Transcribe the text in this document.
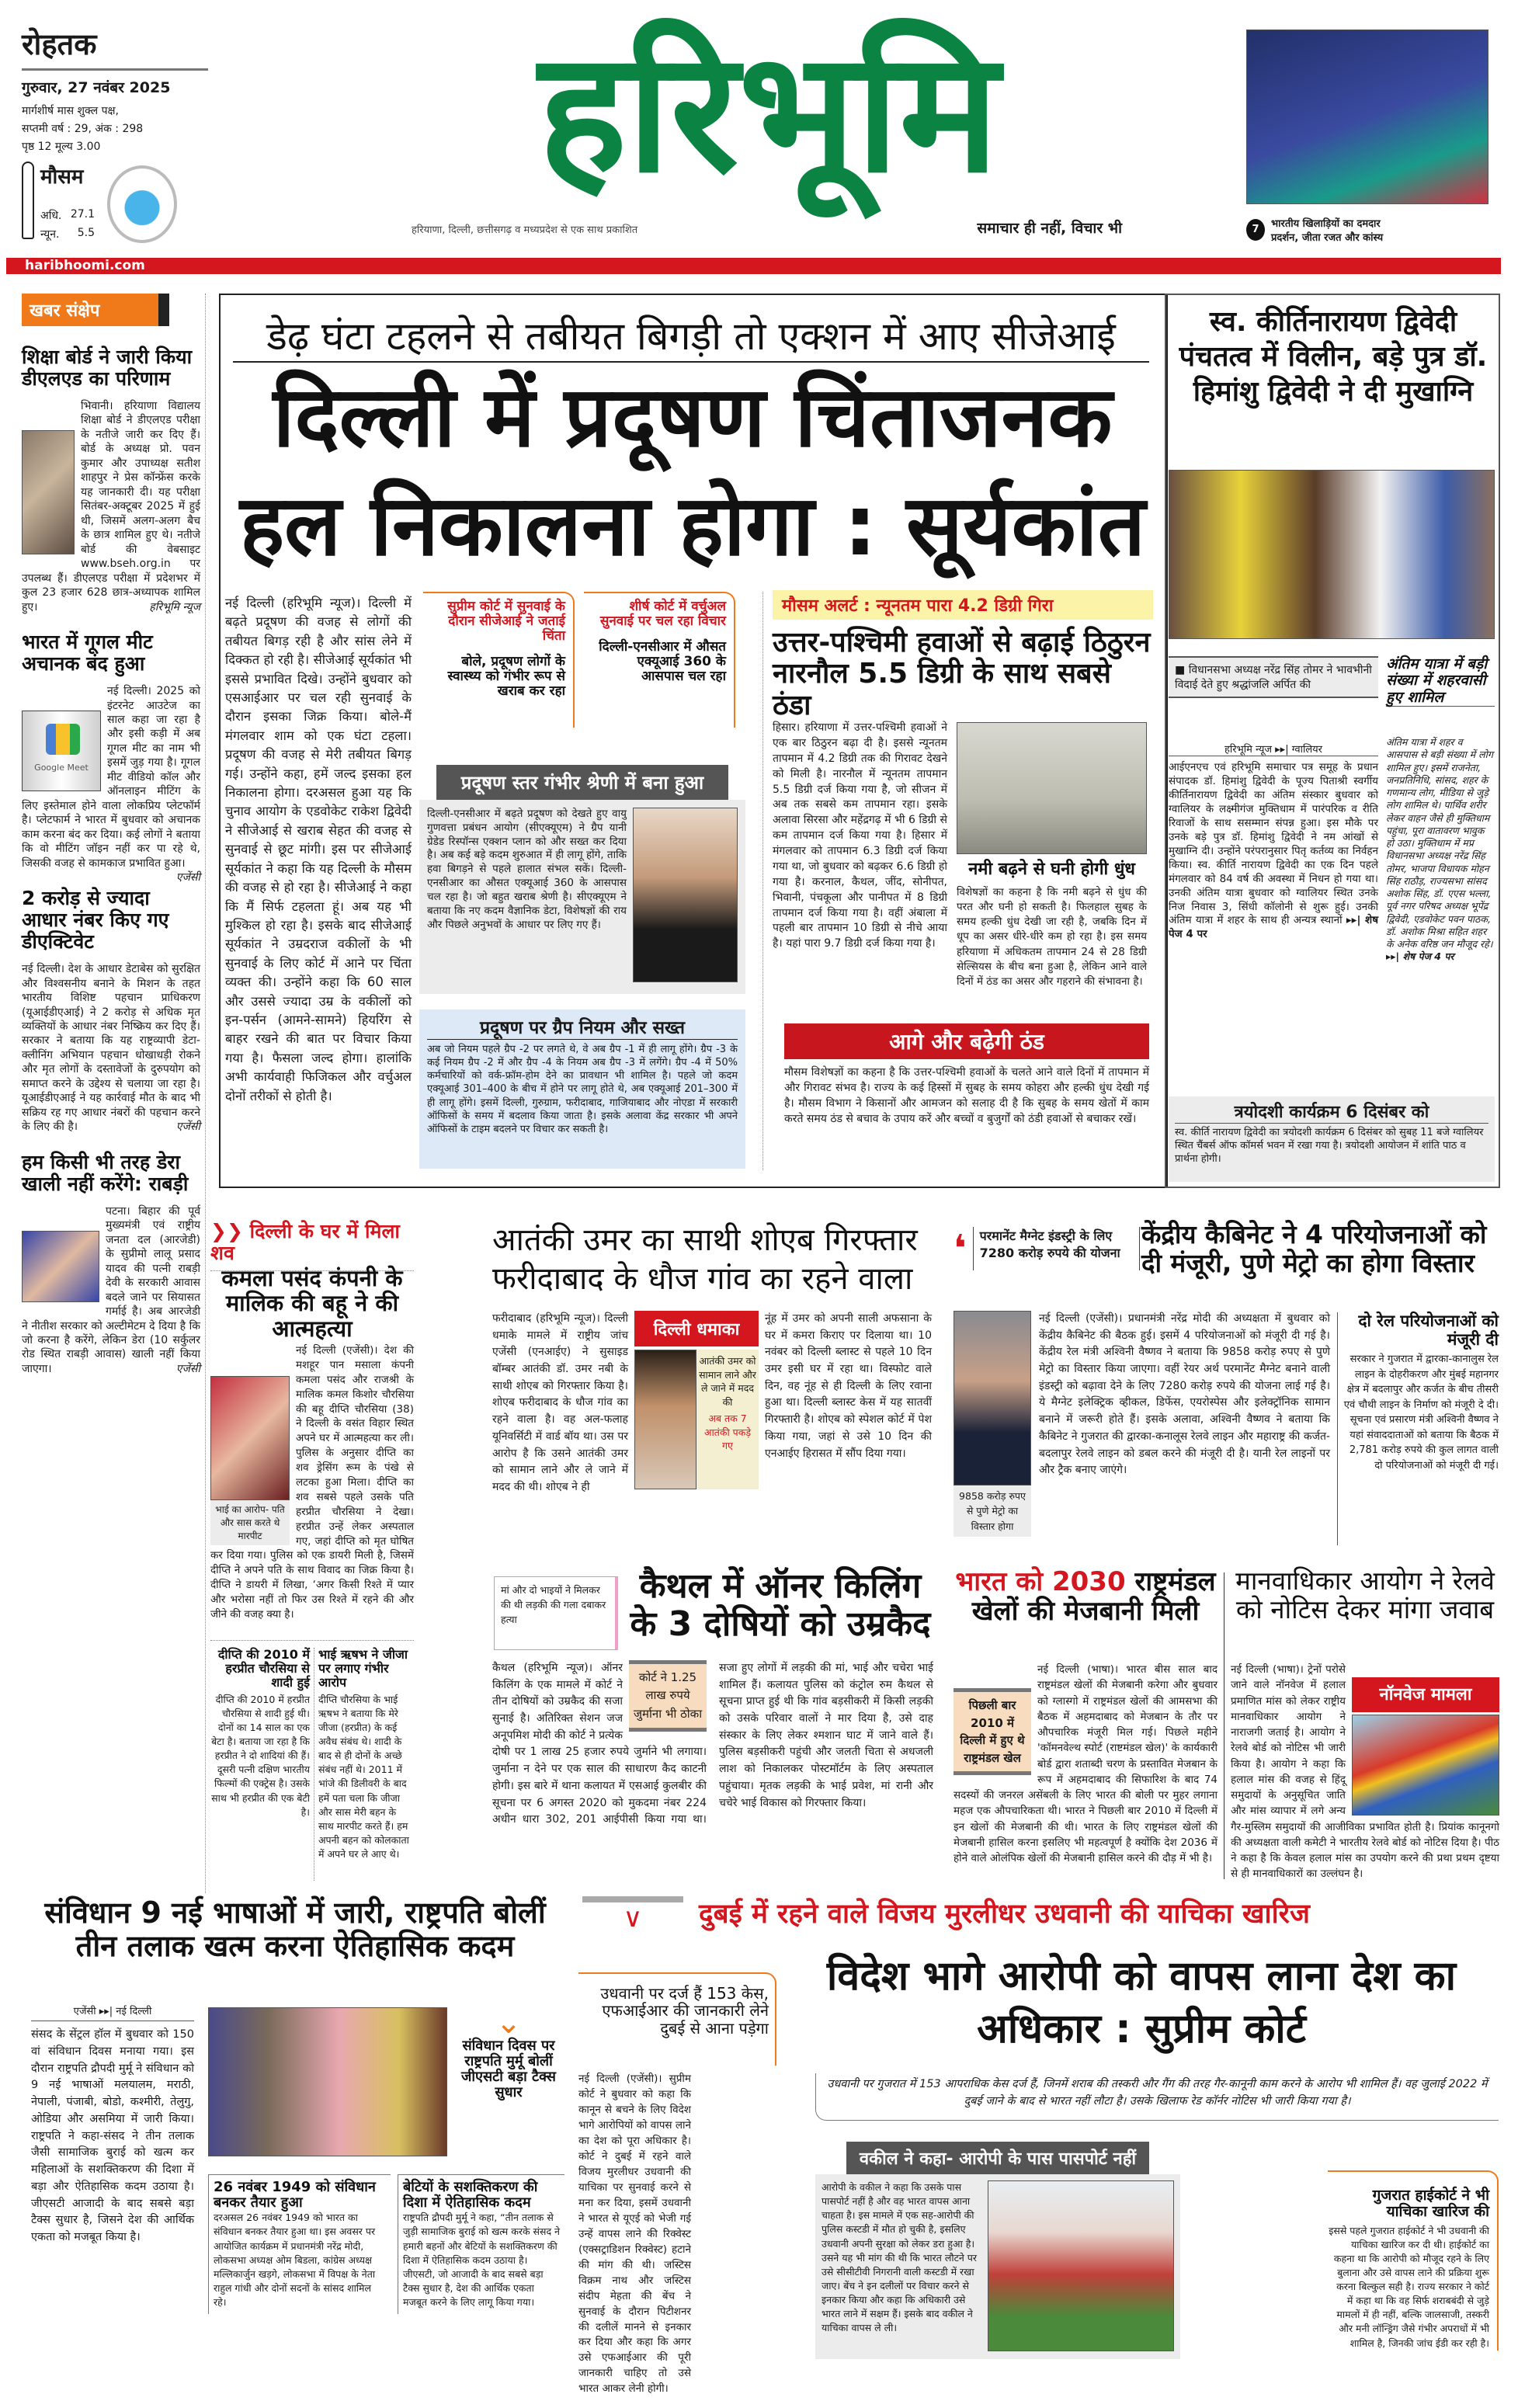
रोहतक
गुरुवार, 27 नवंबर 2025
मार्गशीर्ष मास शुक्ल पक्ष,
सप्तमी वर्ष : 29, अंक : 298
पृष्ठ 12 मूल्य 3.00
मौसम
अधि. 27.1
न्यून. 5.5
हरिभूमि
हरियाणा, दिल्ली, छत्तीसगढ़ व मध्यप्रदेश से एक साथ प्रकाशित	समाचार ही नहीं, विचार भी	7	भारतीय खिलाड़ियों का दमदार
प्रदर्शन, जीता रजत और कांस्य
haribhoomi.com
खबर संक्षेप
शिक्षा बोर्ड ने जारी किया डीएलएड का परिणाम
भिवानी। हरियाणा विद्यालय शिक्षा बोर्ड ने डीएलएड परीक्षा के नतीजे जारी कर दिए हैं। बोर्ड के अध्यक्ष प्रो. पवन कुमार और उपाध्यक्ष सतीश शाहपुर ने प्रेस कॉन्फ्रेंस करके यह जानकारी दी। यह परीक्षा सितंबर-अक्टूबर 2025 में हुई थी, जिसमें अलग-अलग बैच के छात्र शामिल हुए थे। नतीजे बोर्ड की वेबसाइट www.bseh.org.in पर उपलब्ध हैं। डीएलएड परीक्षा में प्रदेशभर में कुल 23 हजार 628 छात्र-अध्यापक शामिल हुए।	हरिभूमि न्यूज
भारत में गूगल मीट अचानक बंद हुआ
Google Meet
नई दिल्ली। 2025 को इंटरनेट आउटेज का साल कहा जा रहा है और इसी कड़ी में अब गूगल मीट का नाम भी इसमें जुड़ गया है। गूगल मीट वीडियो कॉल और ऑनलाइन मीटिंग के लिए इस्तेमाल होने वाला लोकप्रिय प्लेटफॉर्म है। प्लेटफार्म ने भारत में बुधवार को अचानक काम करना बंद कर दिया। कई लोगों ने बताया कि वो मीटिंग जॉइन नहीं कर पा रहे थे, जिसकी वजह से कामकाज प्रभावित हुआ।
एजेंसी
2 करोड़ से ज्यादा आधार नंबर किए गए डीएक्टिवेट
नई दिल्ली। देश के आधार डेटाबेस को सुरक्षित और विश्वसनीय बनाने के मिशन के तहत भारतीय विशिष्ट पहचान प्राधिकरण (यूआईडीएआई) ने 2 करोड़ से अधिक मृत व्यक्तियों के आधार नंबर निष्क्रिय कर दिए हैं। सरकार ने बताया कि यह राष्ट्रव्यापी डेटा-क्लीनिंग अभियान पहचान धोखाधड़ी रोकने और मृत लोगों के दस्तावेजों के दुरुपयोग को समाप्त करने के उद्देश्य से चलाया जा रहा है। यूआईडीएआई ने यह कार्रवाई मौत के बाद भी सक्रिय रह गए आधार नंबरों की पहचान करने के लिए की है।	एजेंसी
हम किसी भी तरह डेरा खाली नहीं करेंगे: राबड़ी
पटना। बिहार की पूर्व मुख्यमंत्री एवं राष्ट्रीय जनता दल (आरजेडी) के सुप्रीमो लालू प्रसाद यादव की पत्नी राबड़ी देवी के सरकारी आवास बदले जाने पर सियासत गर्माई है। अब आरजेडी ने नीतीश सरकार को अल्टीमेटम दे दिया है कि जो करना है करेंगे, लेकिन डेरा (10 सर्कुलर रोड स्थित राबड़ी आवास) खाली नहीं किया जाएगा।	एजेंसी
डेढ़ घंटा टहलने से तबीयत बिगड़ी तो एक्शन में आए सीजेआई
दिल्ली में प्रदूषण चिंताजनक
हल निकालना होगा : सूर्यकांत
नई दिल्ली (हरिभूमि न्यूज)। दिल्ली में बढ़ते प्रदूषण की वजह से लोगों की तबीयत बिगड़ रही है और सांस लेने में दिक्कत हो रही है। सीजेआई सूर्यकांत भी इससे प्रभावित दिखे। उन्होंने बुधवार को एसआईआर पर चल रही सुनवाई के दौरान इसका जिक्र किया। बोले-मैं मंगलवार शाम को एक घंटा टहला। प्रदूषण की वजह से मेरी तबीयत बिगड़ गई। उन्होंने कहा, हमें जल्द इसका हल निकालना होगा। दरअसल हुआ यह कि चुनाव आयोग के एडवोकेट राकेश द्विवेदी ने सीजेआई से खराब सेहत की वजह से सुनवाई से छूट मांगी। इस पर सीजेआई सूर्यकांत ने कहा कि यह दिल्ली के मौसम की वजह से हो रहा है। सीजेआई ने कहा कि मैं सिर्फ टहलता हूं। अब यह भी मुश्किल हो रहा है। इसके बाद सीजेआई सूर्यकांत ने उम्रदराज वकीलों के भी सुनवाई के लिए कोर्ट में आने पर चिंता व्यक्त की। उन्होंने कहा कि 60 साल और उससे ज्यादा उम्र के वकीलों को इन-पर्सन (आमने-सामने) हियरिंग से बाहर रखने की बात पर विचार किया गया है। फैसला जल्द होगा। हालांकि अभी कार्यवाही फिजिकल और वर्चुअल दोनों तरीकों से होती है।
सुप्रीम कोर्ट में सुनवाई के दौरान सीजेआई ने जताई चिंता
बोले, प्रदूषण लोगों के स्वास्थ्य को गंभीर रूप से खराब कर रहा
शीर्ष कोर्ट में वर्चुअल सुनवाई पर चल रहा विचार
दिल्ली-एनसीआर में औसत एक्यूआई 360 के आसपास चल रहा
प्रदूषण स्तर गंभीर श्रेणी में बना हुआ
दिल्ली-एनसीआर में बढ़ते प्रदूषण को देखते हुए वायु गुणवत्ता प्रबंधन आयोग (सीएक्यूएम) ने ग्रैप यानी ग्रेडेड रिस्पॉन्स एक्शन प्लान को और सख्त कर दिया है। अब कई बड़े कदम शुरुआत में ही लागू होंगे, ताकि हवा बिगड़ने से पहले हालात संभल सकें। दिल्ली-एनसीआर का औसत एक्यूआई 360 के आसपास चल रहा है। जो बहुत खराब श्रेणी है। सीएक्यूएम ने बताया कि नए कदम वैज्ञानिक डेटा, विशेषज्ञों की राय और पिछले अनुभवों के आधार पर लिए गए हैं।
प्रदूषण पर ग्रैप नियम और सख्त
अब जो नियम पहले ग्रैप -2 पर लगते थे, वे अब ग्रैप -1 में ही लागू होंगे। ग्रैप -3 के कई नियम ग्रैप -2 में और ग्रैप -4 के नियम अब ग्रैप -3 में लगेंगे। ग्रैप -4 में 50% कर्मचारियों को वर्क-फ्रॉम-होम देने का प्रावधान भी शामिल है। पहले जो कदम एक्यूआई 301–400 के बीच में होने पर लागू होते थे, अब एक्यूआई 201–300 में ही लागू होंगे। इसमें दिल्ली, गुरुग्राम, फरीदाबाद, गाजियाबाद और नोएडा में सरकारी ऑफिसों के समय में बदलाव किया जाता है। इसके अलावा केंद्र सरकार भी अपने ऑफिसों के टाइम बदलने पर विचार कर सकती है।
मौसम अलर्ट : न्यूनतम पारा 4.2 डिग्री गिरा
उत्तर-पश्चिमी हवाओं से बढ़ाई ठिठुरन नारनौल 5.5 डिग्री के साथ सबसे ठंडा
हिसार। हरियाणा में उत्तर-पश्चिमी हवाओं ने एक बार ठिठुरन बढ़ा दी है। इससे न्यूनतम तापमान में 4.2 डिग्री तक की गिरावट देखने को मिली है। नारनौल में न्यूनतम तापमान 5.5 डिग्री दर्ज किया गया है, जो सीजन में अब तक सबसे कम तापमान रहा। इसके अलावा सिरसा और महेंद्रगढ़ में भी 6 डिग्री से कम तापमान दर्ज किया गया है। हिसार में मंगलवार को तापमान 6.3 डिग्री दर्ज किया गया था, जो बुधवार को बढ़कर 6.6 डिग्री हो गया है। करनाल, कैथल, जींद, सोनीपत, भिवानी, पंचकूला और पानीपत में 8 डिग्री तापमान दर्ज किया गया है। वहीं अंबाला में पहली बार तापमान 10 डिग्री से नीचे आया है। यहां पारा 9.7 डिग्री दर्ज किया गया है।
नमी बढ़ने से घनी होगी धुंध
विशेषज्ञों का कहना है कि नमी बढ़ने से धुंध की परत और घनी हो सकती है। फिलहाल सुबह के समय हल्की धुंध देखी जा रही है, जबकि दिन में धूप का असर धीरे-धीरे कम हो रहा है। इस समय हरियाणा में अधिकतम तापमान 24 से 28 डिग्री सेल्सियस के बीच बना हुआ है, लेकिन आने वाले दिनों में ठंड का असर और गहराने की संभावना है।
आगे और बढ़ेगी ठंड
मौसम विशेषज्ञों का कहना है कि उत्तर-पश्चिमी हवाओं के चलते आने वाले दिनों में तापमान में और गिरावट संभव है। राज्य के कई हिस्सों में सुबह के समय कोहरा और हल्की धुंध देखी गई है। मौसम विभाग ने किसानों और आमजन को सलाह दी है कि सुबह के समय खेतों में काम करते समय ठंड से बचाव के उपाय करें और बच्चों व बुजुर्गों को ठंडी हवाओं से बचाकर रखें।
स्व. कीर्तिनारायण द्विवेदी पंचतत्व में विलीन, बड़े पुत्र डॉ. हिमांशु द्विवेदी ने दी मुखाग्नि
■ विधानसभा अध्यक्ष नरेंद्र सिंह तोमर ने भावभीनी विदाई देते हुए श्रद्धांजलि अर्पित की
हरिभूमि न्यूज ▸▸| ग्वालियर
आईएनएच एवं हरिभूमि समाचार पत्र समूह के प्रधान संपादक डॉ. हिमांशु द्विवेदी के पूज्य पिताश्री स्वर्गीय कीर्तिनारायण द्विवेदी का अंतिम संस्कार बुधवार को ग्वालियर के लक्ष्मीगंज मुक्तिधाम में पारंपरिक व रीति रिवाजों के साथ ससम्मान संपन्न हुआ। इस मौके पर उनके बड़े पुत्र डॉ. हिमांशु द्विवेदी ने नम आंखों से मुखाग्नि दी। उन्होंने परंपरानुसार पितृ कर्तव्य का निर्वहन किया। स्व. कीर्ति नारायण द्विवेदी का एक दिन पहले मंगलवार को 84 वर्ष की अवस्था में निधन हो गया था। उनकी अंतिम यात्रा बुधवार को ग्वालियर स्थित उनके निज निवास 3, सिंधी कॉलोनी से शुरू हुई। उनकी अंतिम यात्रा में शहर के साथ ही अन्यत्र स्थानों ▸▸| शेष पेज 4 पर
अंतिम यात्रा में बड़ी संख्या में शहरवासी हुए शामिल
अंतिम यात्रा में शहर व आसपास से बड़ी संख्या में लोग शामिल हुए। इसमें राजनेता, जनप्रतिनिधि, सांसद, शहर के गणमान्य लोग, मीडिया से जुड़े लोग शामिल थे। पार्थिव शरीर लेकर वाहन जैसे ही मुक्तिधाम पहुंचा, पूरा वातावरण भावुक हो उठा। मुक्तिधाम में मप्र विधानसभा अध्यक्ष नरेंद्र सिंह तोमर, भाजपा विधायक मोहन सिंह राठौड़, राज्यसभा सांसद अशोक सिंह, डॉ. एएस भल्ला, पूर्व नगर परिषद अध्यक्ष भूपेंद्र द्विवेदी, एडवोकेट पवन पाठक, डॉ. अशोक मिश्रा सहित शहर के अनेक वरिष्ठ जन मौजूद रहे। ▸▸| शेष पेज 4 पर
त्रयोदशी कार्यक्रम 6 दिसंबर को
स्व. कीर्ति नारायण द्विवेदी का त्रयोदशी कार्यक्रम 6 दिसंबर को सुबह 11 बजे ग्वालियर स्थित चैंबर्स ऑफ कॉमर्स भवन में रखा गया है। त्रयोदशी आयोजन में शांति पाठ व प्रार्थना होगी।
❯❯ दिल्ली के घर में मिला शव
कमला पसंद कंपनी के मालिक की बहू ने की आत्महत्या
भाई का आरोप- पति और सास करते थे मारपीट
नई दिल्ली (एजेंसी)। देश की मशहूर पान मसाला कंपनी कमला पसंद और राजश्री के मालिक कमल किशोर चौरसिया की बहू दीप्ति चौरसिया (38) ने दिल्ली के वसंत विहार स्थित अपने घर में आत्महत्या कर ली। पुलिस के अनुसार दीप्ति का शव ड्रेसिंग रूम के पंखे से लटका हुआ मिला। दीप्ति का शव सबसे पहले उसके पति हरप्रीत चौरसिया ने देखा। हरप्रीत उन्हें लेकर अस्पताल गए, जहां दीप्ति को मृत घोषित कर दिया गया। पुलिस को एक डायरी मिली है, जिसमें दीप्ति ने अपने पति के साथ विवाद का जिक्र किया है। दीप्ति ने डायरी में लिखा, ‘अगर किसी रिश्ते में प्यार और भरोसा नहीं तो फिर उस रिश्ते में रहने की और जीने की वजह क्या है।
दीप्ति की 2010 में हरप्रीत चौरसिया से शादी हुई
दीप्ति की 2010 में हरप्रीत चौरसिया से शादी हुई थी। दोनों का 14 साल का एक बेटा है। बताया जा रहा है कि हरप्रीत ने दो शादियां की हैं। दूसरी पत्नी दक्षिण भारतीय फिल्मों की एक्ट्रेस है। उसके साथ भी हरप्रीत की एक बेटी है।
भाई ऋषभ ने जीजा पर लगाए गंभीर आरोप
दीप्ति चौरसिया के भाई ऋषभ ने बताया कि मेरे जीजा (हरप्रीत) के कई अवैध संबंध थे। शादी के बाद से ही दोनों के अच्छे संबंध नहीं थे। 2011 में भांजे की डिलीवरी के बाद हमें पता चला कि जीजा और सास मेरी बहन के साथ मारपीट करते हैं। हम अपनी बहन को कोलकाता में अपने घर ले आए थे।
आतंकी उमर का साथी शोएब गिरफ्तार फरीदाबाद के धौज गांव का रहने वाला
फरीदाबाद (हरिभूमि न्यूज)। दिल्ली धमाके मामले में राष्ट्रीय जांच एजेंसी (एनआईए) ने सुसाइड बॉम्बर आतंकी डॉ. उमर नबी के साथी शोएब को गिरफ्तार किया है। शोएब फरीदाबाद के धौज गांव का रहने वाला है। वह अल-फलाह यूनिवर्सिटी में वार्ड बॉय था। उस पर आरोप है कि उसने आतंकी उमर को सामान लाने और ले जाने में मदद की थी। शोएब ने ही
दिल्ली धमाका
आतंकी उमर को सामान लाने और ले जाने में मदद की
अब तक 7 आतंकी पकड़े गए
नूंह में उमर को अपनी साली अफसाना के घर में कमरा किराए पर दिलाया था। 10 नवंबर को दिल्ली ब्लास्ट से पहले 10 दिन उमर इसी घर में रहा था। विस्फोट वाले दिन, वह नूंह से ही दिल्ली के लिए रवाना हुआ था। दिल्ली ब्लास्ट केस में यह सातवीं गिरफ्तारी है। शोएब को स्पेशल कोर्ट में पेश किया गया, जहां से उसे 10 दिन की एनआईए हिरासत में सौंप दिया गया।
❛	परमानेंट मैग्नेट इंडस्ट्री के लिए 7280 करोड़ रुपये की योजना
केंद्रीय कैबिनेट ने 4 परियोजनाओं को दी मंजूरी, पुणे मेट्रो का होगा विस्तार
9858 करोड़ रुपए से पुणे मेट्रो का विस्तार होगा
नई दिल्ली (एजेंसी)। प्रधानमंत्री नरेंद्र मोदी की अध्यक्षता में बुधवार को केंद्रीय कैबिनेट की बैठक हुई। इसमें 4 परियोजनाओं को मंजूरी दी गई है। केंद्रीय रेल मंत्री अश्विनी वैष्णव ने बताया कि 9858 करोड़ रुपए से पुणे मेट्रो का विस्तार किया जाएगा। वहीं रेयर अर्थ परमानेंट मैग्नेट बनाने वाली इंडस्ट्री को बढ़ावा देने के लिए 7280 करोड़ रुपये की योजना लाई गई है। ये मैग्नेट इलेक्ट्रिक व्हीकल, डिफेंस, एयरोस्पेस और इलेक्ट्रॉनिक सामान बनाने में जरूरी होते हैं। इसके अलावा, अश्विनी वैष्णव ने बताया कि कैबिनेट ने गुजरात की द्वारका-कनालूस रेलवे लाइन और महाराष्ट्र की कर्जत-बदलापुर रेलवे लाइन को डबल करने की मंजूरी दी है। यानी रेल लाइनों पर और ट्रैक बनाए जाएंगे।
दो रेल परियोजनाओं को मंजूरी दी
सरकार ने गुजरात में द्वारका-कानालुस रेल लाइन के दोहरीकरण और मुंबई महानगर क्षेत्र में बदलापुर और कर्जत के बीच तीसरी एवं चौथी लाइन के निर्माण को मंजूरी दे दी। सूचना एवं प्रसारण मंत्री अश्विनी वैष्णव ने यहां संवाददाताओं को बताया कि बैठक में 2,781 करोड़ रुपये की कुल लागत वाली दो परियोजनाओं को मंजूरी दी गई।
मां और दो भाइयों ने मिलकर की थी लड़की की गला दबाकर हत्या
कैथल में ऑनर किलिंग के 3 दोषियों को उम्रकैद
कोर्ट ने 1.25 लाख रुपये जुर्माना भी ठोका
कैथल (हरिभूमि न्यूज)। ऑनर किलिंग के एक मामले में कोर्ट ने तीन दोषियों को उम्रकैद की सजा सुनाई है। अतिरिक्त सेशन जज अनूपमिश मोदी की कोर्ट ने प्रत्येक दोषी पर 1 लाख 25 हजार रुपये जुर्माने भी लगाया। जुर्माना न देने पर एक साल की साधारण कैद काटनी होगी। इस बारे में थाना कलायत में एसआई कुलबीर की सूचना पर 6 अगस्त 2020 को मुकदमा नंबर 224 अधीन धारा 302, 201 आईपीसी किया गया था। सजा हुए लोगों में लड़की की मां, भाई और चचेरा भाई शामिल हैं। कलायत पुलिस को कंट्रोल रुम कैथल से सूचना प्राप्त हुई थी कि गांव बड़सीकरी में किसी लड़की को उसके परिवार वालों ने मार दिया है, उसे दाह संस्कार के लिए लेकर श्मशान घाट में जाने वाले हैं। पुलिस बड़सीकरी पहुंची और जलती चिता से अधजली लाश को निकालकर पोस्टमॉर्टम के लिए अस्पताल पहुंचाया। मृतक लड़की के भाई प्रवेश, मां रानी और चचेरे भाई विकास को गिरफ्तार किया।
भारत को 2030 राष्ट्रमंडल खेलों की मेजबानी मिली
पिछली बार 2010 में दिल्ली में हुए थे राष्ट्रमंडल खेल
नई दिल्ली (भाषा)। भारत बीस साल बाद राष्ट्रमंडल खेलों की मेजबानी करेगा और बुधवार को ग्लास्गो में राष्ट्रमंडल खेलों की आमसभा की बैठक में अहमदाबाद को मेजबान के तौर पर औपचारिक मंजूरी मिल गई। पिछले महीने 'कॉमनवेल्थ स्पोर्ट (राष्टमंडल खेल)' के कार्यकारी बोर्ड द्वारा शताब्दी चरण के प्रस्तावित मेजबान के रूप में अहमदाबाद की सिफारिश के बाद 74 सदस्यों की जनरल असेंबली के लिए भारत की बोली पर मुहर लगाना महज एक औपचारिकता थी। भारत ने पिछली बार 2010 में दिल्ली में इन खेलों की मेजबानी की थी। भारत के लिए राष्ट्रमंडल खेलों की मेजबानी हासिल करना इसलिए भी महत्वपूर्ण है क्योंकि देश 2036 में होने वाले ओलंपिक खेलों की मेजबानी हासिल करने की दौड़ में भी है।
मानवाधिकार आयोग ने रेलवे को नोटिस देकर मांगा जवाब
नॉनवेज मामला
नई दिल्ली (भाषा)। ट्रेनों परोसे जाने वाले नॉनवेज में हलाल प्रमाणित मांस को लेकर राष्ट्रीय मानवाधिकार आयोग ने नाराजगी जताई है। आयोग ने रेलवे बोर्ड को नोटिस भी जारी किया है। आयोग ने कहा कि हलाल मांस की वजह से हिंदू समुदायों के अनुसूचित जाति और मांस व्यापार में लगे अन्य गैर-मुस्लिम समुदायों की आजीविका प्रभावित होती है। प्रियांक कानूनगो की अध्यक्षता वाली कमेटी ने भारतीय रेलवे बोर्ड को नोटिस दिया है। पीठ ने कहा है कि केवल हलाल मांस का उपयोग करने की प्रथा प्रथम दृष्टया से ही मानवाधिकारों का उल्लंघन है।
संविधान 9 नई भाषाओं में जारी, राष्ट्रपति बोलीं तीन तलाक खत्म करना ऐतिहासिक कदम
एजेंसी ▸▸| नई दिल्ली
संसद के सेंट्रल हॉल में बुधवार को 150 वां संविधान दिवस मनाया गया। इस दौरान राष्ट्रपति द्रौपदी मुर्मू ने संविधान को 9 नई भाषाओं मलयालम, मराठी, नेपाली, पंजाबी, बोडो, कश्मीरी, तेलुगु, ओडिया और असमिया में जारी किया। राष्ट्रपति ने कहा-संसद ने तीन तलाक जैसी सामाजिक बुराई को खत्म कर महिलाओं के सशक्तिकरण की दिशा में बड़ा और ऐतिहासिक कदम उठाया है। जीएसटी आजादी के बाद सबसे बड़ा टैक्स सुधार है, जिसने देश की आर्थिक एकता को मजबूत किया है।
⌄
संविधान दिवस पर राष्ट्रपति मुर्मू बोलीं जीएसटी बड़ा टैक्स सुधार
26 नवंबर 1949 को संविधान बनकर तैयार हुआ
दरअसल 26 नवंबर 1949 को भारत का संविधान बनकर तैयार हुआ था। इस अवसर पर आयोजित कार्यक्रम में प्रधानमंत्री नरेंद्र मोदी, लोकसभा अध्यक्ष ओम बिडला, कांग्रेस अध्यक्ष मल्लिकार्जुन खड़गे, लोकसभा में विपक्ष के नेता राहुल गांधी और दोनों सदनों के सांसद शामिल रहे।
बेटियों के सशक्तिकरण की दिशा में ऐतिहासिक कदम
राष्ट्रपति द्रौपदी मुर्मू ने कहा, “तीन तलाक से जुड़ी सामाजिक बुराई को खत्म करके संसद ने हमारी बहनों और बेटियों के सशक्तिकरण की दिशा में ऐतिहासिक कदम उठाया है। जीएसटी, जो आजादी के बाद सबसे बड़ा टैक्स सुधार है, देश की आर्थिक एकता मजबूत करने के लिए लागू किया गया।
∨	दुबई में रहने वाले विजय मुरलीधर उधवानी की याचिका खारिज
उधवानी पर दर्ज हैं 153 केस, एफआईआर की जानकारी लेने दुबई से आना पड़ेगा
विदेश भागे आरोपी को वापस लाना देश का अधिकार : सुप्रीम कोर्ट
नई दिल्ली (एजेंसी)। सुप्रीम कोर्ट ने बुधवार को कहा कि कानून से बचने के लिए विदेश भागे आरोपियों को वापस लाने का देश को पूरा अधिकार है। कोर्ट ने दुबई में रहने वाले विजय मुरलीधर उधवानी की याचिका पर सुनवाई करने से मना कर दिया, इसमें उधवानी ने भारत से यूएई को भेजी गई उन्हें वापस लाने की रिक्वेस्ट (एक्सट्राडिशन रिक्वेस्ट) हटाने की मांग की थी। जस्टिस विक्रम नाथ और जस्टिस संदीप मेहता की बेंच ने सुनवाई के दौरान पिटीशनर की दलीलें मानने से इनकार कर दिया और कहा कि अगर उसे एफआईआर की पूरी जानकारी चाहिए तो उसे भारत आकर लेनी होगी।
उधवानी पर गुजरात में 153 आपराधिक केस दर्ज हैं, जिनमें शराब की तस्करी और गैंग की तरह गैर-कानूनी काम करने के आरोप भी शामिल हैं। वह जुलाई 2022 में दुबई जाने के बाद से भारत नहीं लौटा है। उसके खिलाफ रेड कॉर्नर नोटिस भी जारी किया गया है।
वकील ने कहा- आरोपी के पास पासपोर्ट नहीं
आरोपी के वकील ने कहा कि उसके पास पासपोर्ट नहीं है और वह भारत वापस आना चाहता है। इस मामले में एक सह-आरोपी की पुलिस कस्टडी में मौत हो चुकी है, इसलिए उधवानी अपनी सुरक्षा को लेकर डरा हुआ है। उसने यह भी मांग की थी कि भारत लौटने पर उसे सीसीटीवी निगरानी वाली कस्टडी में रखा जाए। बेंच ने इन दलीलों पर विचार करने से इनकार किया और कहा कि अधिकारी उसे भारत लाने में सक्षम हैं। इसके बाद वकील ने याचिका वापस ले ली।
गुजरात हाईकोर्ट ने भी याचिका खारिज की
इससे पहले गुजरात हाईकोर्ट ने भी उधवानी की याचिका खारिज कर दी थी। हाईकोर्ट का कहना था कि आरोपी को मौजूद रहने के लिए बुलाना और उसे वापस लाने की प्रक्रिया शुरू करना बिल्कुल सही है। राज्य सरकार ने कोर्ट में कहा था कि वह सिर्फ शराबबंदी से जुड़े मामलों में ही नहीं, बल्कि जालसाजी, तस्करी और मनी लॉन्ड्रिंग जैसे गंभीर अपराधों में भी शामिल है, जिनकी जांच ईडी कर रही है।
